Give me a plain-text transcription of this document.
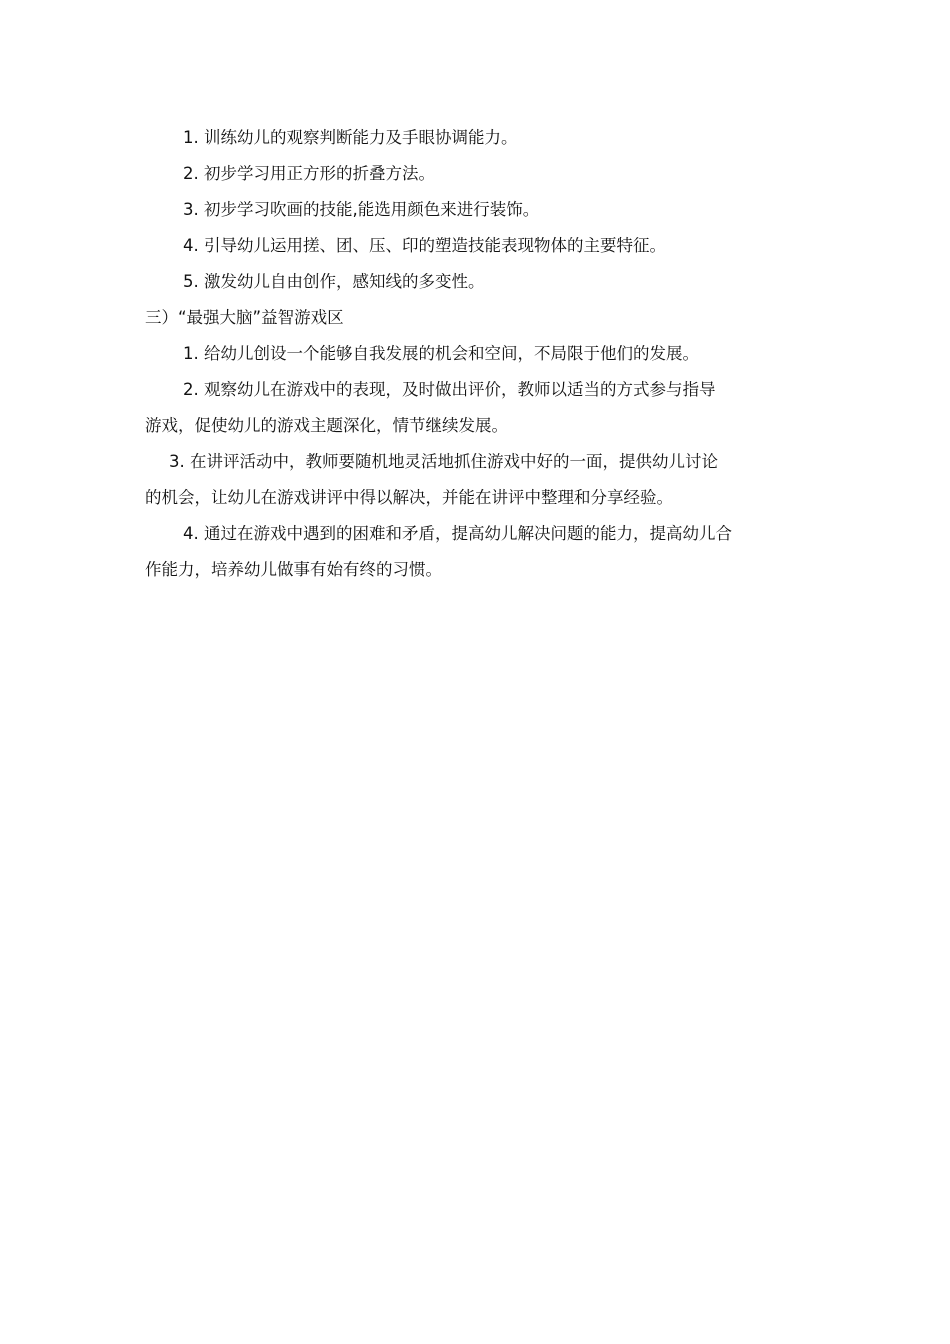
1. 训练幼儿的观察判断能力及手眼协调能力。
2. 初步学习用正方形的折叠方法。
3. 初步学习吹画的技能,能选用颜色来进行装饰。
4. 引导幼儿运用搓、团、压、印的塑造技能表现物体的主要特征。
5. 激发幼儿自由创作，感知线的多变性。
三）“最强大脑”益智游戏区
1. 给幼儿创设一个能够自我发展的机会和空间，不局限于他们的发展。
2. 观察幼儿在游戏中的表现，及时做出评价，教师以适当的方式参与指导
游戏，促使幼儿的游戏主题深化，情节继续发展。
3. 在讲评活动中，教师要随机地灵活地抓住游戏中好的一面，提供幼儿讨论
的机会，让幼儿在游戏讲评中得以解决，并能在讲评中整理和分享经验。
4. 通过在游戏中遇到的困难和矛盾，提高幼儿解决问题的能力，提高幼儿合
作能力，培养幼儿做事有始有终的习惯。
